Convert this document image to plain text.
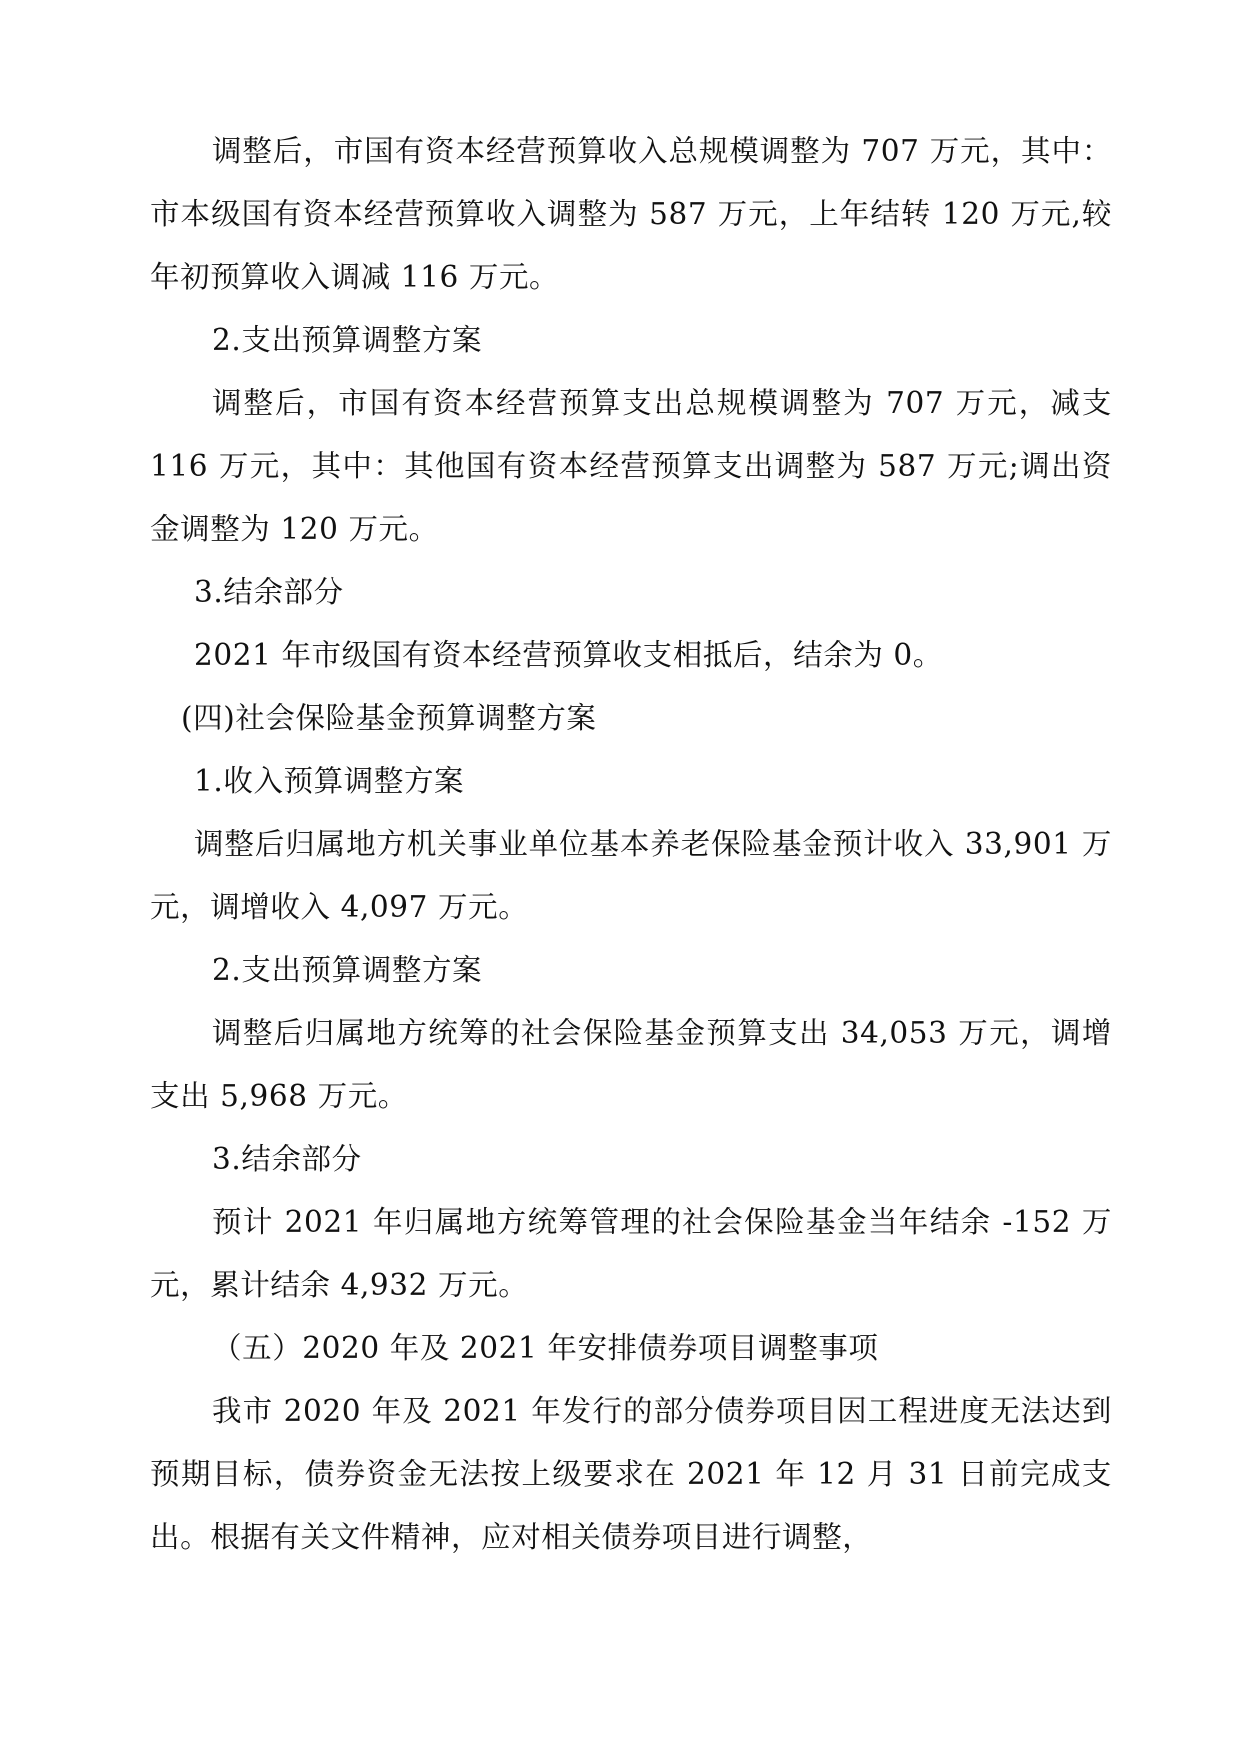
调整后，市国有资本经营预算收入总规模调整为 707 万元，其中：市本级国有资本经营预算收入调整为 587 万元，上年结转 120 万元,较年初预算收入调减 116 万元。

2.支出预算调整方案

调整后，市国有资本经营预算支出总规模调整为 707 万元，减支 116 万元，其中：其他国有资本经营预算支出调整为 587 万元;调出资金调整为 120 万元。

3.结余部分

2021 年市级国有资本经营预算收支相抵后，结余为 0。

(四)社会保险基金预算调整方案

1.收入预算调整方案

调整后归属地方机关事业单位基本养老保险基金预计收入 33,901 万元，调增收入 4,097 万元。

2.支出预算调整方案

调整后归属地方统筹的社会保险基金预算支出 34,053 万元，调增支出 5,968 万元。

3.结余部分

预计 2021 年归属地方统筹管理的社会保险基金当年结余 -152 万元，累计结余 4,932 万元。

（五）2020 年及 2021 年安排债券项目调整事项

我市 2020 年及 2021 年发行的部分债券项目因工程进度无法达到预期目标，债券资金无法按上级要求在 2021 年 12 月 31 日前完成支出。根据有关文件精神，应对相关债券项目进行调整，
